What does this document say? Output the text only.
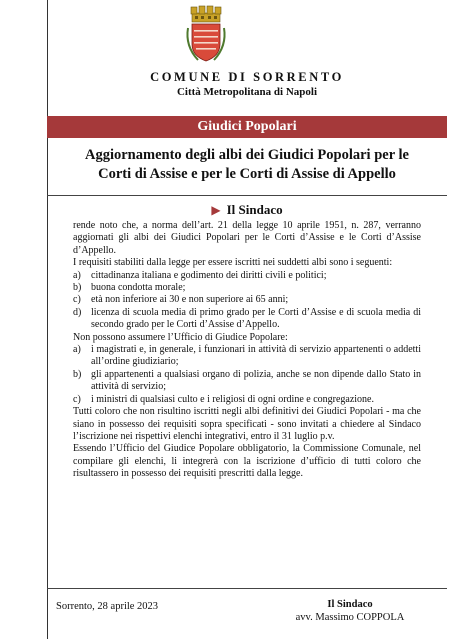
COMUNE DI SORRENTO
Città Metropolitana di Napoli
Giudici Popolari
Aggiornamento degli albi dei Giudici Popolari per le
Corti di Assise e per le Corti di Assise di Appello
▶ Il Sindaco

rende noto che, a norma dell’art. 21 della legge 10 aprile 1951, n. 287, verranno aggiornati gli albi dei Giudici Popolari per le Corti d’Assise e le Corti d’Assise d’Appello.

I requisiti stabiliti dalla legge per essere iscritti nei suddetti albi sono i seguenti:

a)	cittadinanza italiana e godimento dei diritti civili e politici;
b) buona condotta morale;
c)	età non inferiore ai 30 e non superiore ai 65 anni;
d) licenza di scuola media di primo grado per le Corti d’Assise e di scuola media di secondo grado per le Corti d’Assise d’Appello.

Non possono assumere l’Ufficio di Giudice Popolare:

a)	i magistrati e, in generale, i funzionari in attività di servizio appartenenti o addetti all’ordine giudiziario;
b) gli appartenenti a qualsiasi organo di polizia, anche se non dipende dallo Stato in attività di servizio;
c)	i ministri di qualsiasi culto e i religiosi di ogni ordine e congregazione.

Tutti coloro che non risultino iscritti negli albi definitivi dei Giudici Popolari - ma che siano in possesso dei requisiti sopra specificati - sono invitati a chiedere al Sindaco l’iscrizione nei rispettivi elenchi integrativi, entro il 31 luglio p.v.

Essendo l’Ufficio del Giudice Popolare obbligatorio, la Commissione Comunale, nel compilare gli elenchi, li integrerà con la iscrizione d’ufficio di tutti coloro che risultassero in possesso dei requisiti prescritti dalla legge.

Sorrento, 28 aprile 2023	Il Sindaco
avv. Massimo COPPOLA
